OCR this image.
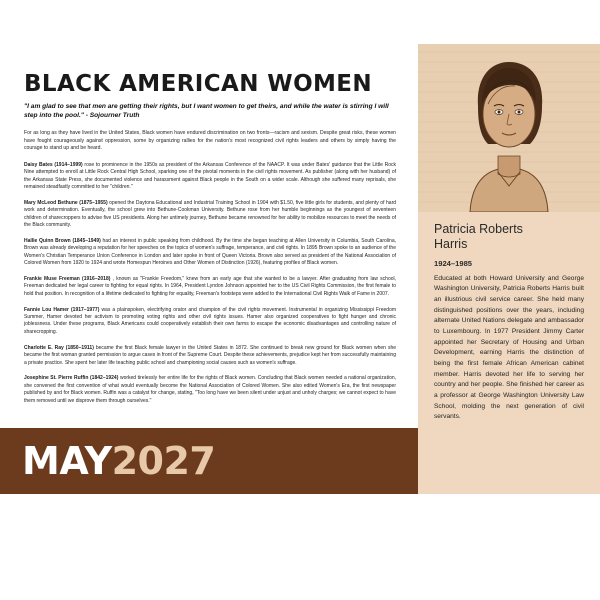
BLACK AMERICAN WOMEN

"I am glad to see that men are getting their rights, but I want women to get theirs, and while the water is stirring I will step into the pool." - Sojourner Truth

For as long as they have lived in the United States, Black women have endured discrimination on two fronts—racism and sexism. Despite great risks, these women have fought courageously against oppression, some by organizing rallies for the nation's most recognized civil rights leaders and others by simply having the courage to stand up and be heard.

Daisy Bates (1914–1999) rose to prominence in the 1950s as president of the Arkansas Conference of the NAACP. It was under Bates' guidance that the Little Rock Nine attempted to enroll at Little Rock Central High School, sparking one of the pivotal moments in the civil rights movement. As publisher (along with her husband) of the Arkansas State Press, she documented violence and harassment against Black people in the South on a wider scale. Although she suffered many reprisals, she remained steadfastly committed to her "children."

Mary McLeod Bethune (1875–1955) opened the Daytona Educational and Industrial Training School in 1904 with $1.50, five little girls for students, and plenty of hard work and determination. Eventually, the school grew into Bethune-Cookman University. Bethune rose from her humble beginnings as the youngest of seventeen children of sharecroppers to advise five US presidents. Along her untimely journey, Bethune became renowned for her ability to mobilize resources to meet the needs of the Black community.

Hallie Quinn Brown (1845–1949) had an interest in public speaking from childhood. By the time she began teaching at Allen University in Columbia, South Carolina, Brown was already developing a reputation for her speeches on the topics of women's suffrage, temperance, and civil rights. In 1895 Brown spoke to an audience of the Women's Christian Temperance Union Conference in London and later spoke in front of Queen Victoria. Brown also served as president of the National Association of Colored Women from 1920 to 1924 and wrote Homespun Heroines and Other Women of Distinction (1926), featuring profiles of Black women.

Frankie Muse Freeman (1916–2018) , known as "Frankie Freedom," knew from an early age that she wanted to be a lawyer. After graduating from law school, Freeman dedicated her legal career to fighting for equal rights. In 1964, President Lyndon Johnson appointed her to the US Civil Rights Commission, the first female to hold that position. In recognition of a lifetime dedicated to fighting for equality, Freeman's footsteps were added to the International Civil Rights Walk of Fame in 2007.

Fannie Lou Hamer (1917–1977) was a plainspoken, electrifying orator and champion of the civil rights movement. Instrumental in organizing Mississippi Freedom Summer, Hamer devoted her activism to promoting voting rights and other civil rights issues. Hamer also organized cooperatives to fight hunger and chronic joblessness. Under these programs, Black Americans could cooperatively establish their own farms to escape the economic disadvantages and controlling nature of sharecropping.

Charlotte E. Ray (1850–1911) became the first Black female lawyer in the United States in 1872. She continued to break new ground for Black women when she became the first woman granted permission to argue cases in front of the Supreme Court. Despite these achievements, prejudice kept her from successfully maintaining a private practice. She spent her later life teaching public school and championing social causes such as women's suffrage.

Josephine St. Pierre Ruffin (1842–1924) worked tirelessly her entire life for the rights of Black women. Concluding that Black women needed a national organization, she convened the first convention of what would eventually become the National Association of Colored Women. She also edited Women's Era, the first newspaper published by and for Black women. Ruffin was a catalyst for change, stating, "Too long have we been silent under unjust and unholy charges; we cannot expect to have them removed until we disprove them through ourselves."

MAY2027
Patricia Roberts
Harris
1924–1985

Educated at both Howard University and George Washington University, Patricia Roberts Harris built an illustrious civil service career. She held many distinguished positions over the years, including alternate United Nations delegate and ambassador to Luxembourg. In 1977 President Jimmy Carter appointed her Secretary of Housing and Urban Development, earning Harris the distinction of being the first female African American cabinet member. Harris devoted her life to serving her country and her people. She finished her career as a professor at George Washington University Law School, molding the next generation of civil servants.
